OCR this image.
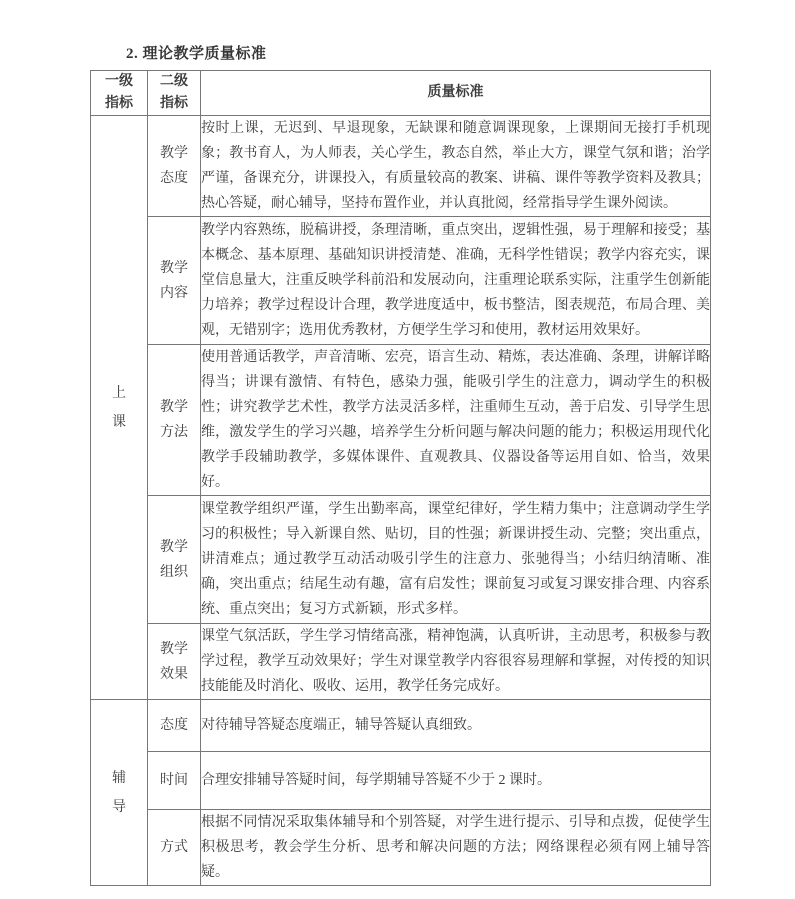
2. 理论教学质量标准
一级指标	二级指标	质量标准
上课	教学态度	按时上课，无迟到、早退现象，无缺课和随意调课现象，上课期间无接打手机现象；教书育人，为人师表，关心学生，教态自然，举止大方，课堂气氛和谐；治学严谨，备课充分，讲课投入，有质量较高的教案、讲稿、课件等教学资料及教具；热心答疑，耐心辅导，坚持布置作业，并认真批阅，经常指导学生课外阅读。
	教学内容	教学内容熟练，脱稿讲授，条理清晰，重点突出，逻辑性强，易于理解和接受；基本概念、基本原理、基础知识讲授清楚、准确，无科学性错误；教学内容充实，课堂信息量大，注重反映学科前沿和发展动向，注重理论联系实际，注重学生创新能力培养；教学过程设计合理，教学进度适中，板书整洁，图表规范，布局合理、美观，无错别字；选用优秀教材，方便学生学习和使用，教材运用效果好。
	教学方法	使用普通话教学，声音清晰、宏亮，语言生动、精炼，表达准确、条理，讲解详略得当；讲课有激情、有特色，感染力强，能吸引学生的注意力，调动学生的积极性；讲究教学艺术性，教学方法灵活多样，注重师生互动，善于启发、引导学生思维，激发学生的学习兴趣，培养学生分析问题与解决问题的能力；积极运用现代化教学手段辅助教学，多媒体课件、直观教具、仪器设备等运用自如、恰当，效果好。
	教学组织	课堂教学组织严谨，学生出勤率高，课堂纪律好，学生精力集中；注意调动学生学习的积极性；导入新课自然、贴切，目的性强；新课讲授生动、完整；突出重点，讲清难点；通过教学互动活动吸引学生的注意力、张驰得当；小结归纳清晰、准确，突出重点；结尾生动有趣，富有启发性；课前复习或复习课安排合理、内容系统、重点突出；复习方式新颖，形式多样。
	教学效果	课堂气氛活跃，学生学习情绪高涨，精神饱满，认真听讲，主动思考，积极参与教学过程，教学互动效果好；学生对课堂教学内容很容易理解和掌握，对传授的知识技能能及时消化、吸收、运用，教学任务完成好。
辅导	态度	对待辅导答疑态度端正，辅导答疑认真细致。
	时间	合理安排辅导答疑时间，每学期辅导答疑不少于 2 课时。
	方式	根据不同情况采取集体辅导和个别答疑，对学生进行提示、引导和点拨，促使学生积极思考，教会学生分析、思考和解决问题的方法；网络课程必须有网上辅导答疑。
